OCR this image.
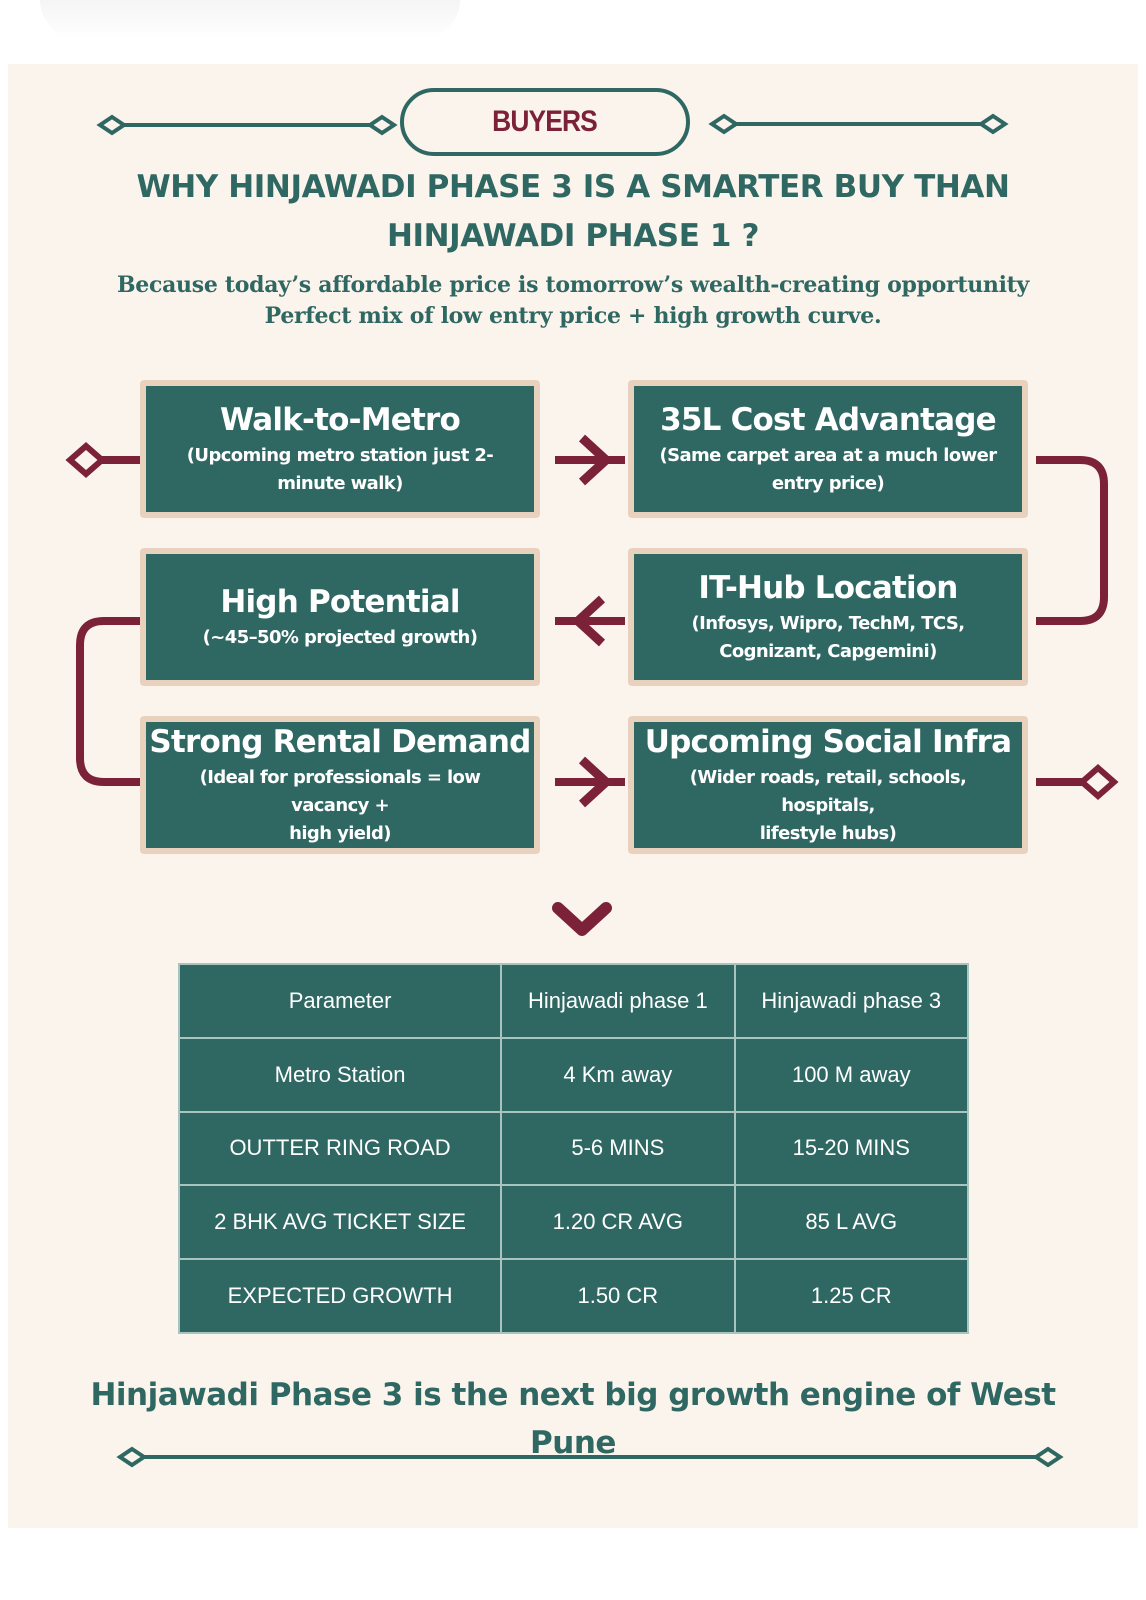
BUYERS
WHY HINJAWADI PHASE 3 IS A SMARTER BUY THAN
HINJAWADI PHASE 1 ?
Because today’s affordable price is tomorrow’s wealth-creating opportunity
Perfect mix of low entry price + high growth curve.
Walk-to-Metro
(Upcoming metro station just 2-
minute walk)
35L Cost Advantage
(Same carpet area at a much lower
entry price)
IT-Hub Location
(Infosys, Wipro, TechM, TCS,
Cognizant, Capgemini)
High Potential
(~45–50% projected growth)
Strong Rental Demand
(Ideal for professionals = low vacancy +
high yield)
Upcoming Social Infra
(Wider roads, retail, schools, hospitals,
lifestyle hubs)
Parameter	Hinjawadi phase 1	Hinjawadi phase 3
Metro Station	4 Km away	100 M away
OUTTER RING ROAD	5-6 MINS	15-20 MINS
2 BHK AVG TICKET SIZE	1.20 CR AVG	85 L AVG
EXPECTED GROWTH	1.50 CR	1.25 CR
Hinjawadi Phase 3 is the next big growth engine of West Pune
